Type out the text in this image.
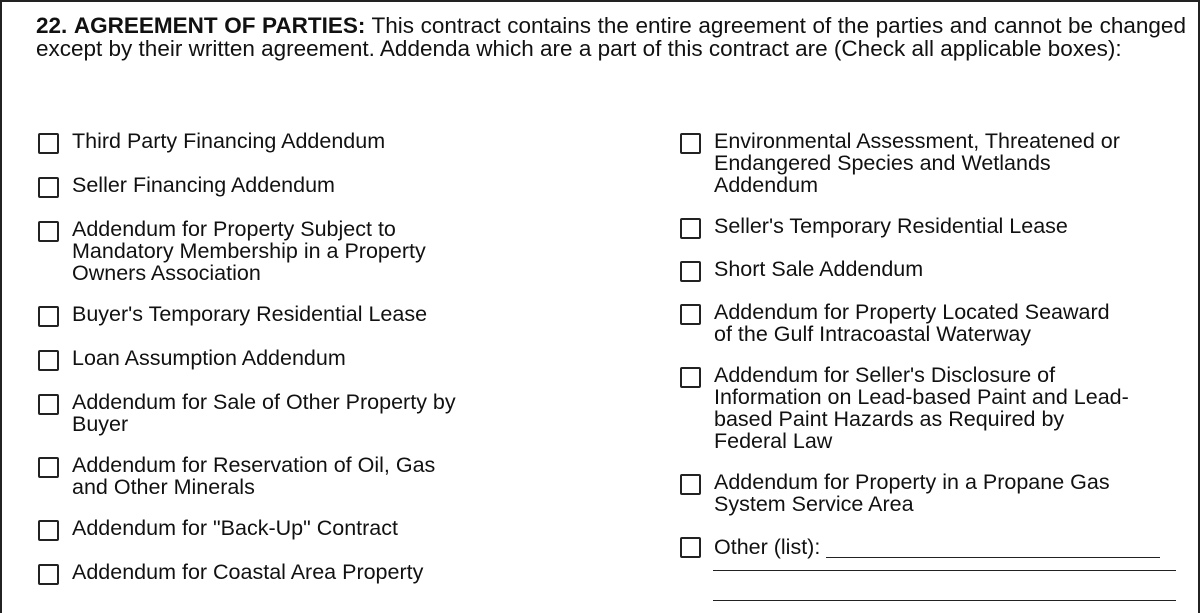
22. AGREEMENT OF PARTIES: This contract contains the entire agreement of the parties and cannot be changed except by their written agreement. Addenda which are a part of this contract are (Check all applicable boxes):
Third Party Financing Addendum
Seller Financing Addendum
Addendum for Property Subject to
Mandatory Membership in a Property
Owners Association
Buyer's Temporary Residential Lease
Loan Assumption Addendum
Addendum for Sale of Other Property by
Buyer
Addendum for Reservation of Oil, Gas
and Other Minerals
Addendum for "Back-Up" Contract
Addendum for Coastal Area Property
Environmental Assessment, Threatened or
Endangered Species and Wetlands
Addendum
Seller's Temporary Residential Lease
Short Sale Addendum
Addendum for Property Located Seaward
of the Gulf Intracoastal Waterway
Addendum for Seller's Disclosure of
Information on Lead-based Paint and Lead-
based Paint Hazards as Required by
Federal Law
Addendum for Property in a Propane Gas
System Service Area
Other (list):
